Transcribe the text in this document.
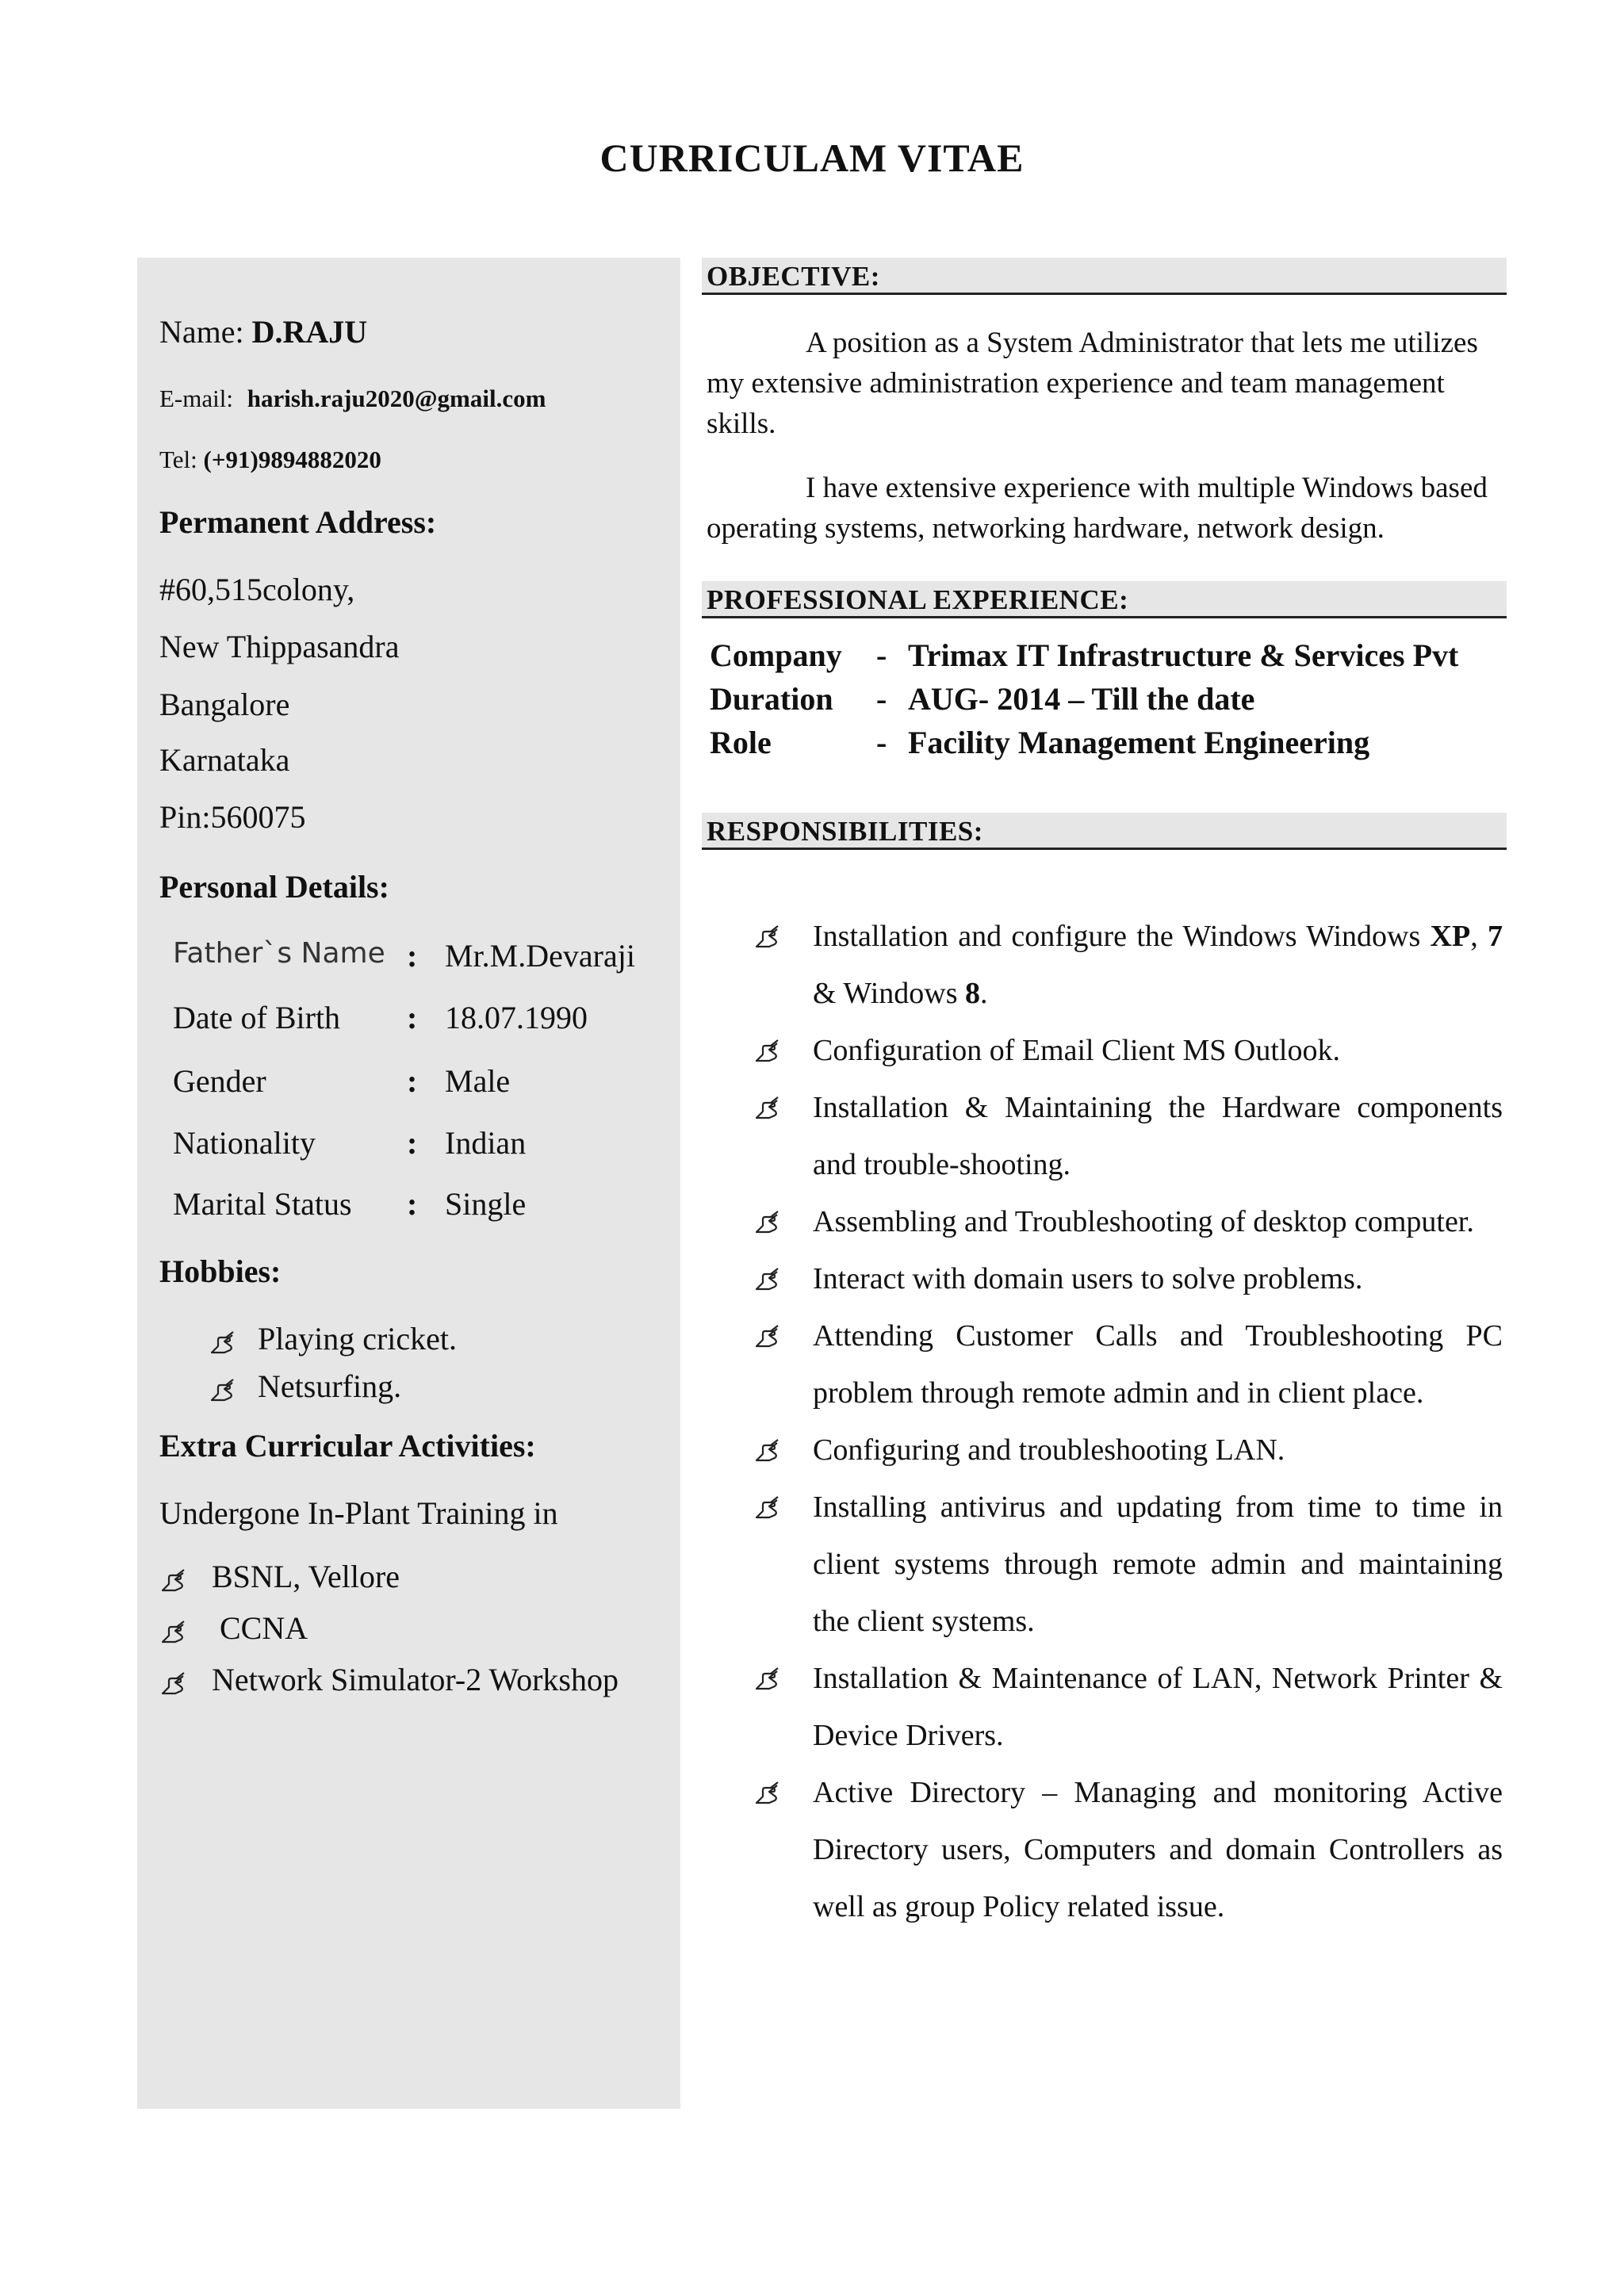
CURRICULAM VITAE
Name: D.RAJU
E-mail: harish.raju2020@gmail.com
Tel: (+91)9894882020
Permanent Address:
#60,515colony,
New Thippasandra
Bangalore
Karnataka
Pin:560075
Personal Details:
Father`s Name : Mr.M.Devaraji
Date of Birth : 18.07.1990
Gender	: Male
Nationality	: Indian
Marital Status : Single
Hobbies:
Playing cricket.
Netsurfing.
Extra Curricular Activities:
Undergone In-Plant Training in
BSNL, Vellore
CCNA
Network Simulator-2 Workshop
OBJECTIVE:
A position as a System Administrator that lets me utilizes my extensive administration experience and team management skills.
I have extensive experience with multiple Windows based operating systems, networking hardware, network design.
PROFESSIONAL EXPERIENCE:
Company - Trimax IT Infrastructure & Services Pvt
Duration - AUG- 2014 – Till the date
Role	- Facility Management Engineering
RESPONSIBILITIES:
Installation and configure the Windows Windows XP, 7 & Windows 8.
Configuration of Email Client MS Outlook.
Installation & Maintaining the Hardware components and trouble-shooting.
Assembling and Troubleshooting of desktop computer.
Interact with domain users to solve problems.
Attending Customer Calls and Troubleshooting PC problem through remote admin and in client place.
Configuring and troubleshooting LAN.
Installing antivirus and updating from time to time in client systems through remote admin and maintaining the client systems.
Installation & Maintenance of LAN, Network Printer & Device Drivers.
Active Directory – Managing and monitoring Active Directory users, Computers and domain Controllers as well as group Policy related issue.
